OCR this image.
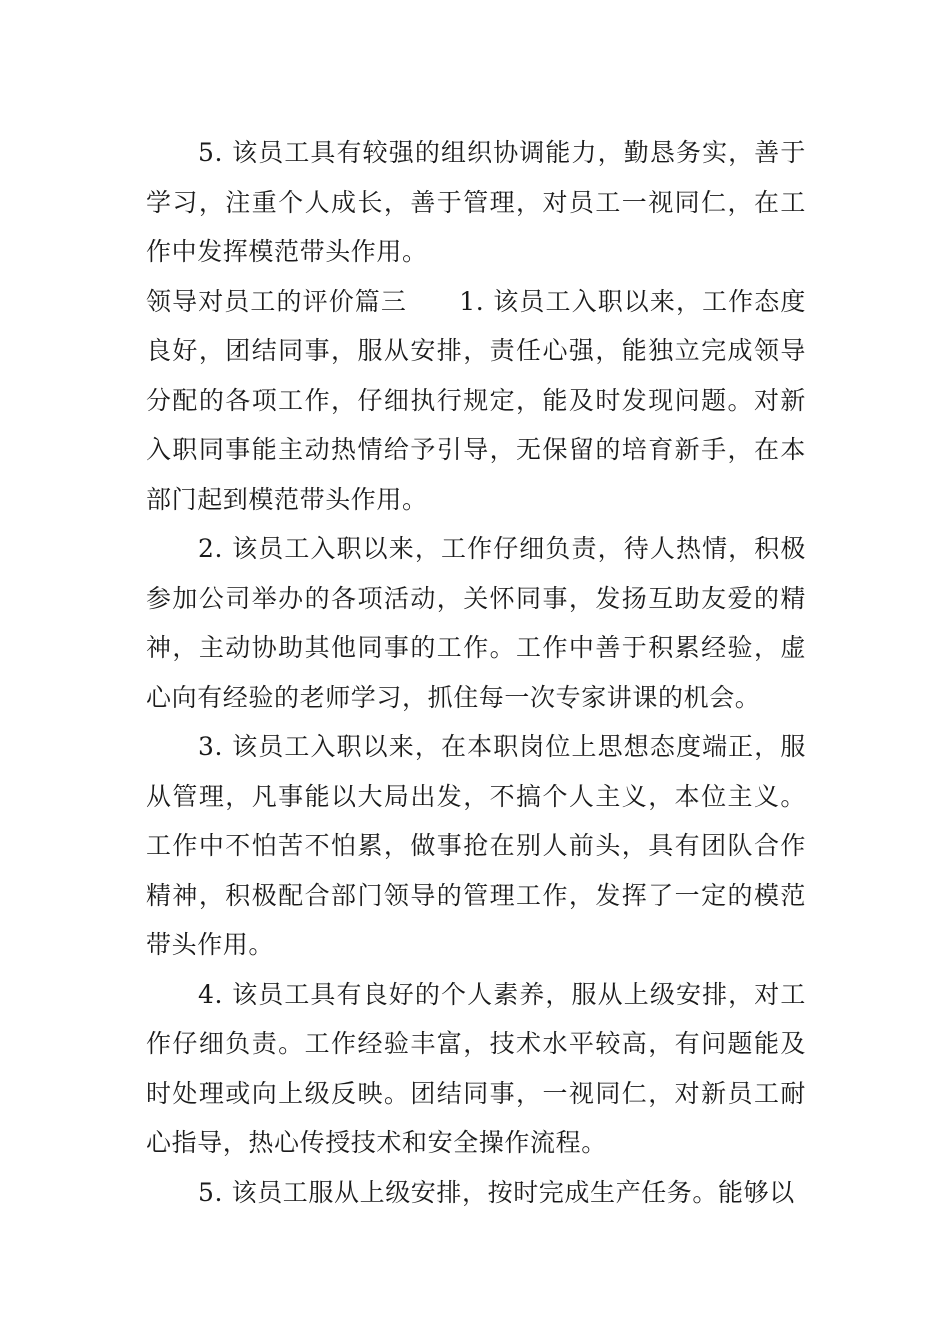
5. 该员工具有较强的组织协调能力，勤恳务实，善于学习，注重个人成长，善于管理，对员工一视同仁，在工作中发挥模范带头作用。

领导对员工的评价篇三　　1. 该员工入职以来，工作态度良好，团结同事，服从安排，责任心强，能独立完成领导分配的各项工作，仔细执行规定，能及时发现问题。对新入职同事能主动热情给予引导，无保留的培育新手，在本部门起到模范带头作用。

2. 该员工入职以来，工作仔细负责，待人热情，积极参加公司举办的各项活动，关怀同事，发扬互助友爱的精神，主动协助其他同事的工作。工作中善于积累经验，虚心向有经验的老师学习，抓住每一次专家讲课的机会。

3. 该员工入职以来，在本职岗位上思想态度端正，服从管理，凡事能以大局出发，不搞个人主义，本位主义。工作中不怕苦不怕累，做事抢在别人前头，具有团队合作精神，积极配合部门领导的管理工作，发挥了一定的模范带头作用。

4. 该员工具有良好的个人素养，服从上级安排，对工作仔细负责。工作经验丰富，技术水平较高，有问题能及时处理或向上级反映。团结同事，一视同仁，对新员工耐心指导，热心传授技术和安全操作流程。

5. 该员工服从上级安排，按时完成生产任务。能够以
